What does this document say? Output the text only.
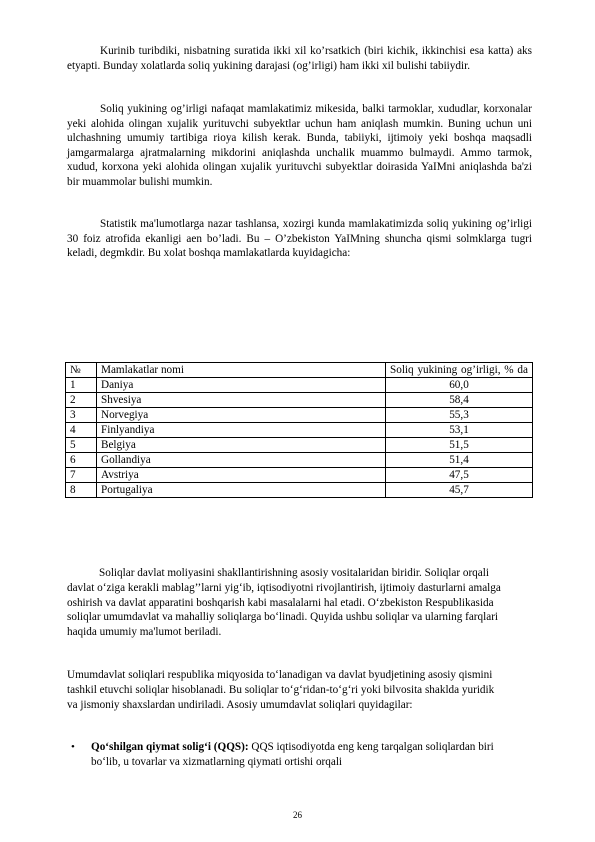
Kurinib turibdiki, nisbatning suratida ikki xil ko’rsatkich (biri kichik, ikkinchisi esa katta) aks etyapti. Bunday xolatlarda soliq yukining darajasi (og’irligi) ham ikki xil bulishi tabiiydir.

Soliq yukining og’irligi nafaqat mamlakatimiz mikesida, balki tarmoklar, xududlar, korxonalar yeki alohida olingan xujalik yurituvchi subyektlar uchun ham aniqlash mumkin. Buning uchun uni ulchashning umumiy tartibiga rioya kilish kerak. Bunda, tabiiyki, ijtimoiy yeki boshqa maqsadli jamgarmalarga ajratmalarning mikdorini aniqlashda unchalik muammo bulmaydi. Ammo tarmok, xudud, korxona yeki alohida olingan xujalik yurituvchi subyektlar doirasida YaIMni aniqlashda ba'zi bir muammolar bulishi mumkin.

Statistik ma'lumotlarga nazar tashlansa, xozirgi kunda mamlakatimizda soliq yukining og’irligi 30 foiz atrofida ekanligi aen bo’ladi. Bu – O’zbekiston YaIMning shuncha qismi solmklarga tugri keladi, degmkdir. Bu xolat boshqa mamlakatlarda kuyidagicha:

№	Mamlakatlar nomi	Soliq yukining og’irligi, % da

1	Daniya	60,0
2	Shvesiya	58,4
3	Norvegiya	55,3
4	Finlyandiya	53,1
5	Belgiya	51,5
6	Gollandiya	51,4
7	Avstriya	47,5
8	Portugaliya	45,7

Soliqlar davlat moliyasini shakllantirishning asosiy vositalaridan biridir. Soliqlar orqali davlat o‘ziga kerakli mablag’’larni yig‘ib, iqtisodiyotni rivojlantirish, ijtimoiy dasturlarni amalga oshirish va davlat apparatini boshqarish kabi masalalarni hal etadi. O‘zbekiston Respublikasida soliqlar umumdavlat va mahalliy soliqlarga bo‘linadi. Quyida ushbu soliqlar va ularning farqlari haqida umumiy ma'lumot beriladi.

Umumdavlat soliqlari respublika miqyosida to‘lanadigan va davlat byudjetining asosiy qismini tashkil etuvchi soliqlar hisoblanadi. Bu soliqlar to‘g‘ridan-to‘g‘ri yoki bilvosita shaklda yuridik va jismoniy shaxslardan undiriladi. Asosiy umumdavlat soliqlari quyidagilar:

• Qo‘shilgan qiymat solig‘i (QQS): QQS iqtisodiyotda eng keng tarqalgan soliqlardan biri bo‘lib, u tovarlar va xizmatlarning qiymati ortishi orqali
26
